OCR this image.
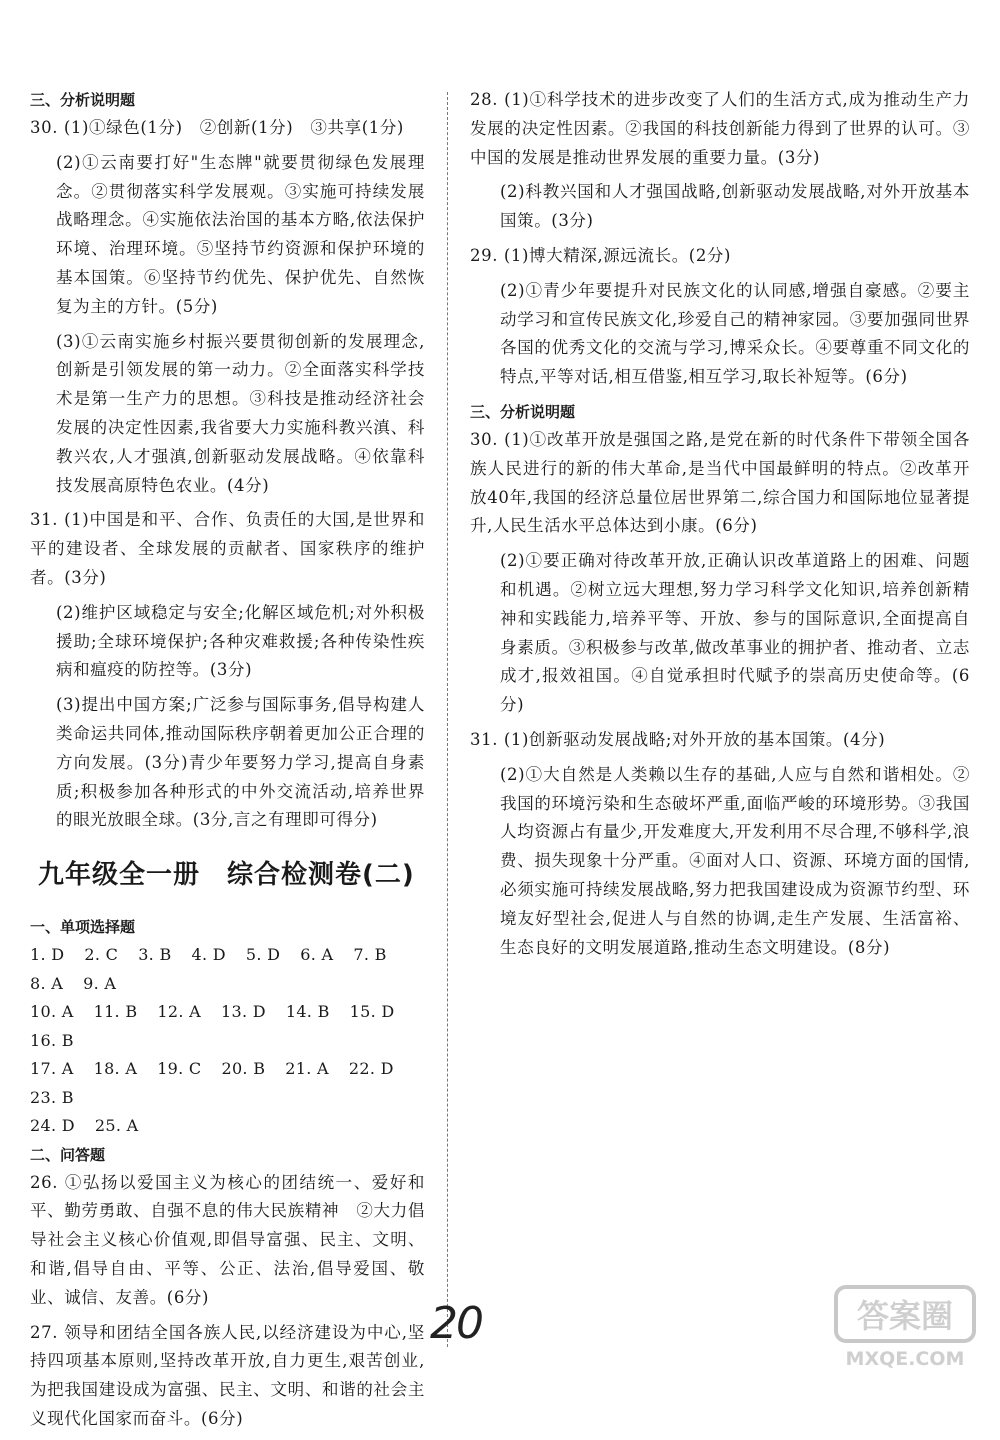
三、分析说明题

30. (1)①绿色(1分)　②创新(1分)　③共享(1分)

(2)①云南要打好"生态牌"就要贯彻绿色发展理念。②贯彻落实科学发展观。③实施可持续发展战略理念。④实施依法治国的基本方略,依法保护环境、治理环境。⑤坚持节约资源和保护环境的基本国策。⑥坚持节约优先、保护优先、自然恢复为主的方针。(5分)

(3)①云南实施乡村振兴要贯彻创新的发展理念,创新是引领发展的第一动力。②全面落实科学技术是第一生产力的思想。③科技是推动经济社会发展的决定性因素,我省要大力实施科教兴滇、科教兴农,人才强滇,创新驱动发展战略。④依靠科技发展高原特色农业。(4分)

31. (1)中国是和平、合作、负责任的大国,是世界和平的建设者、全球发展的贡献者、国家秩序的维护者。(3分)

(2)维护区域稳定与安全;化解区域危机;对外积极援助;全球环境保护;各种灾难救援;各种传染性疾病和瘟疫的防控等。(3分)

(3)提出中国方案;广泛参与国际事务,倡导构建人类命运共同体,推动国际秩序朝着更加公正合理的方向发展。(3分)青少年要努力学习,提高自身素质;积极参加各种形式的中外交流活动,培养世界的眼光放眼全球。(3分,言之有理即可得分)

九年级全一册　综合检测卷(二)

一、单项选择题

1. D 2. C 3. B 4. D 5. D 6. A 7. B8. A 9. A
10. A 11. B 12. A 13. D 14. B 15. D16. B
17. A 18. A 19. C 20. B 21. A 22. D23. B
24. D 25. A

二、问答题

26. ①弘扬以爱国主义为核心的团结统一、爱好和平、勤劳勇敢、自强不息的伟大民族精神　②大力倡导社会主义核心价值观,即倡导富强、民主、文明、和谐,倡导自由、平等、公正、法治,倡导爱国、敬业、诚信、友善。(6分)

27. 领导和团结全国各族人民,以经济建设为中心,坚持四项基本原则,坚持改革开放,自力更生,艰苦创业,为把我国建设成为富强、民主、文明、和谐的社会主义现代化国家而奋斗。(6分)

28. (1)①科学技术的进步改变了人们的生活方式,成为推动生产力发展的决定性因素。②我国的科技创新能力得到了世界的认可。③中国的发展是推动世界发展的重要力量。(3分)

(2)科教兴国和人才强国战略,创新驱动发展战略,对外开放基本国策。(3分)

29. (1)博大精深,源远流长。(2分)

(2)①青少年要提升对民族文化的认同感,增强自豪感。②要主动学习和宣传民族文化,珍爱自己的精神家园。③要加强同世界各国的优秀文化的交流与学习,博采众长。④要尊重不同文化的特点,平等对话,相互借鉴,相互学习,取长补短等。(6分)

三、分析说明题

30. (1)①改革开放是强国之路,是党在新的时代条件下带领全国各族人民进行的新的伟大革命,是当代中国最鲜明的特点。②改革开放40年,我国的经济总量位居世界第二,综合国力和国际地位显著提升,人民生活水平总体达到小康。(6分)

(2)①要正确对待改革开放,正确认识改革道路上的困难、问题和机遇。②树立远大理想,努力学习科学文化知识,培养创新精神和实践能力,培养平等、开放、参与的国际意识,全面提高自身素质。③积极参与改革,做改革事业的拥护者、推动者、立志成才,报效祖国。④自觉承担时代赋予的崇高历史使命等。(6分)

31. (1)创新驱动发展战略;对外开放的基本国策。(4分)

(2)①大自然是人类赖以生存的基础,人应与自然和谐相处。②我国的环境污染和生态破坏严重,面临严峻的环境形势。③我国人均资源占有量少,开发难度大,开发利用不尽合理,不够科学,浪费、损失现象十分严重。④面对人口、资源、环境方面的国情,必须实施可持续发展战略,努力把我国建设成为资源节约型、环境友好型社会,促进人与自然的协调,走生产发展、生活富裕、生态良好的文明发展道路,推动生态文明建设。(8分)

20	答案圈
MXQE.COM
